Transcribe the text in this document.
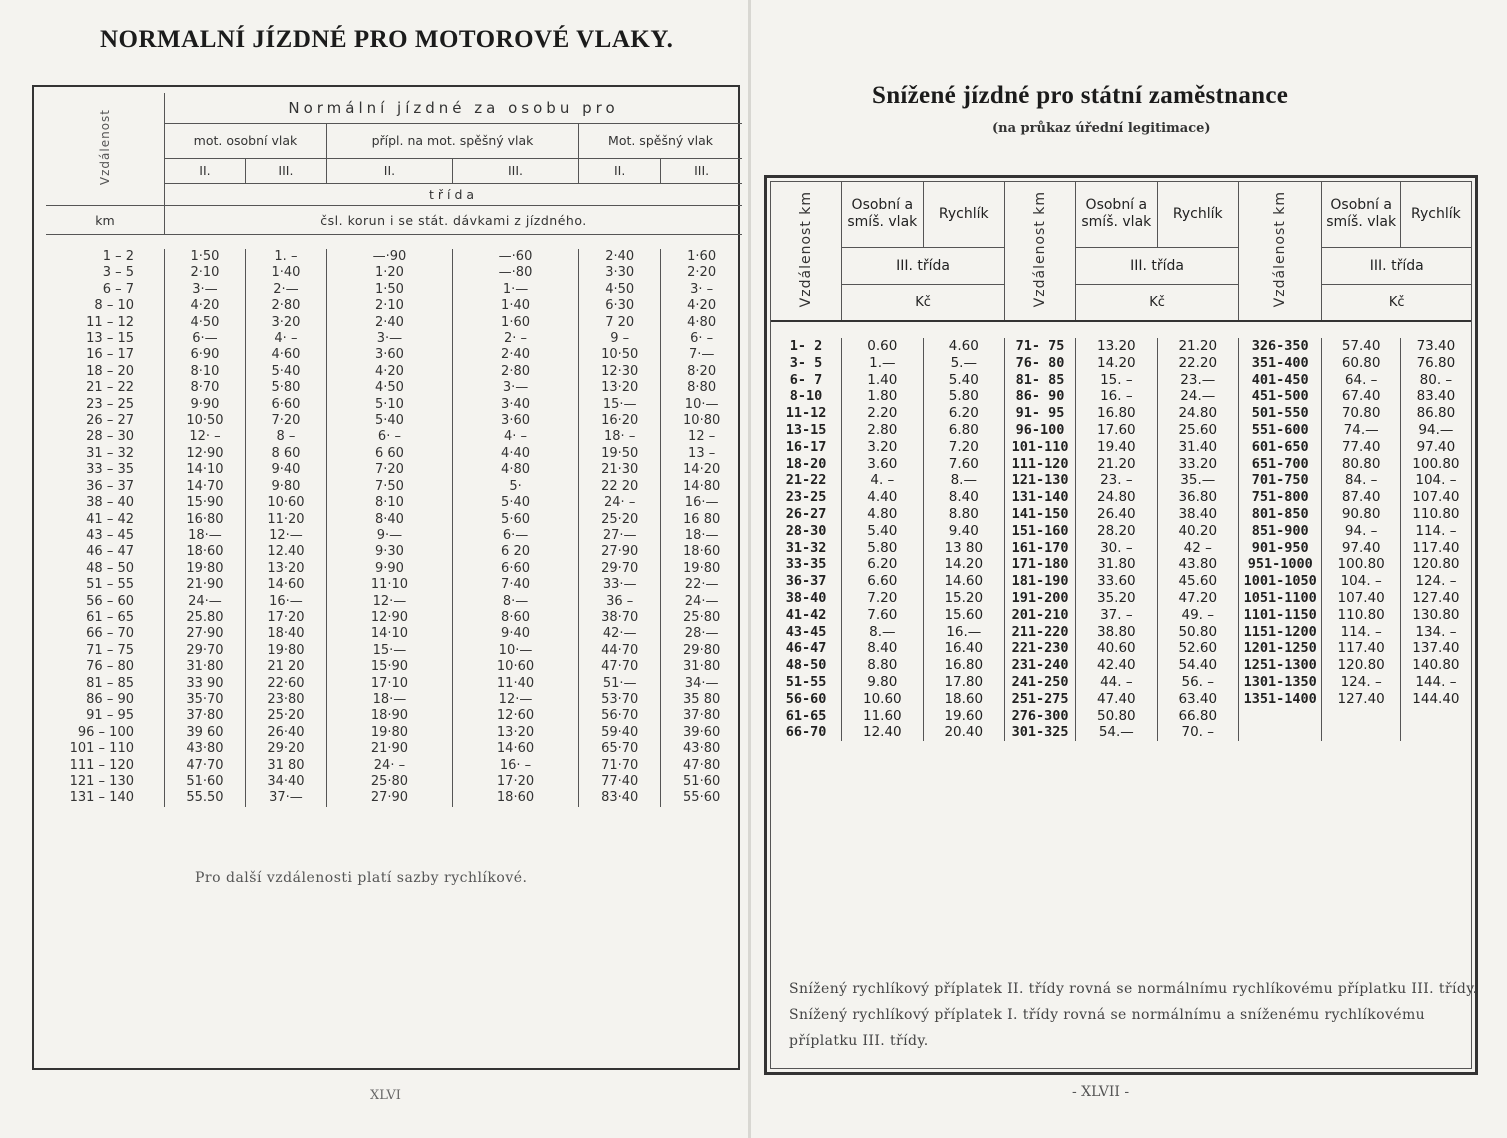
NORMALNÍ JÍZDNÉ PRO MOTOROVÉ VLAKY.
Vzdálenost	Normální jízdné za osobu pro					
	mot. osobní vlak		přípl. na mot. spěšný vlak		Mot. spěšný vlak	
	II.	III.	II.	III.	II.	III.
	třída					
km	čsl. korun i se stát. dávkami z jízdného.					

1 – 2	1·50	1. –	—·90	—·60	2·40	1·60
3 – 5	2·10	1·40	1·20	—·80	3·30	2·20
6 – 7	3·—	2·—	1·50	1·—	4·50	3· –
8 – 10	4·20	2·80	2·10	1·40	6·30	4·20
11 – 12	4·50	3·20	2·40	1·60	7 20	4·80
13 – 15	6·—	4· –	3·—	2· –	9 –	6· –
16 – 17	6·90	4·60	3·60	2·40	10·50	7·—
18 – 20	8·10	5·40	4·20	2·80	12·30	8·20
21 – 22	8·70	5·80	4·50	3·—	13·20	8·80
23 – 25	9·90	6·60	5·10	3·40	15·—	10·—
26 – 27	10·50	7·20	5·40	3·60	16·20	10·80
28 – 30	12· –	8 –	6· –	4· –	18· –	12 –
31 – 32	12·90	8 60	6 60	4·40	19·50	13 –
33 – 35	14·10	9·40	7·20	4·80	21·30	14·20
36 – 37	14·70	9·80	7·50	5·	22 20	14·80
38 – 40	15·90	10·60	8·10	5·40	24· –	16·—
41 – 42	16·80	11·20	8·40	5·60	25·20	16 80
43 – 45	18·—	12·—	9·—	6·—	27·—	18·—
46 – 47	18·60	12.40	9·30	6 20	27·90	18·60
48 – 50	19·80	13·20	9·90	6·60	29·70	19·80
51 – 55	21·90	14·60	11·10	7·40	33·—	22·—
56 – 60	24·—	16·—	12·—	8·—	36 –	24·—
61 – 65	25.80	17·20	12·90	8·60	38·70	25·80
66 – 70	27·90	18·40	14·10	9·40	42·—	28·—
71 – 75	29·70	19·80	15·—	10·—	44·70	29·80
76 – 80	31·80	21 20	15·90	10·60	47·70	31·80
81 – 85	33 90	22·60	17·10	11·40	51·—	34·—
86 – 90	35·70	23·80	18·—	12·—	53·70	35 80
91 – 95	37·80	25·20	18·90	12·60	56·70	37·80
96 – 100	39 60	26·40	19·80	13·20	59·40	39·60
101 – 110	43·80	29·20	21·90	14·60	65·70	43·80
111 – 120	47·70	31 80	24· –	16· –	71·70	47·80
121 – 130	51·60	34·40	25·80	17·20	77·40	51·60
131 – 140	55.50	37·—	27·90	18·60	83·40	55·60
Pro další vzdálenosti platí sazby rychlíkové.
XLVI
Snížené jízdné pro státní zaměstnance
(na průkaz úřední legitimace)
Vzdálenost km	Osobní a smíš. vlak	Rychlík	Vzdálenost km	Osobní a smíš. vlak	Rychlík	Vzdálenost km	Osobní a smíš. vlak	Rychlík
	III. třída			III. třída			III. třída	
	Kč			Kč			Kč	

1- 2	0.60	4.60	71- 75	13.20	21.20	326-350	57.40	73.40
3- 5	1.—	5.—	76- 80	14.20	22.20	351-400	60.80	76.80
6- 7	1.40	5.40	81- 85	15. –	23.—	401-450	64. –	80. –
8-10	1.80	5.80	86- 90	16. –	24.—	451-500	67.40	83.40
11-12	2.20	6.20	91- 95	16.80	24.80	501-550	70.80	86.80
13-15	2.80	6.80	96-100	17.60	25.60	551-600	74.—	94.—
16-17	3.20	7.20	101-110	19.40	31.40	601-650	77.40	97.40
18-20	3.60	7.60	111-120	21.20	33.20	651-700	80.80	100.80
21-22	4. –	8.—	121-130	23. –	35.—	701-750	84. –	104. –
23-25	4.40	8.40	131-140	24.80	36.80	751-800	87.40	107.40
26-27	4.80	8.80	141-150	26.40	38.40	801-850	90.80	110.80
28-30	5.40	9.40	151-160	28.20	40.20	851-900	94. –	114. –
31-32	5.80	13 80	161-170	30. –	42 –	901-950	97.40	117.40
33-35	6.20	14.20	171-180	31.80	43.80	951-1000	100.80	120.80
36-37	6.60	14.60	181-190	33.60	45.60	1001-1050	104. –	124. –
38-40	7.20	15.20	191-200	35.20	47.20	1051-1100	107.40	127.40
41-42	7.60	15.60	201-210	37. –	49. –	1101-1150	110.80	130.80
43-45	8.—	16.—	211-220	38.80	50.80	1151-1200	114. –	134. –
46-47	8.40	16.40	221-230	40.60	52.60	1201-1250	117.40	137.40
48-50	8.80	16.80	231-240	42.40	54.40	1251-1300	120.80	140.80
51-55	9.80	17.80	241-250	44. –	56. –	1301-1350	124. –	144. –
56-60	10.60	18.60	251-275	47.40	63.40	1351-1400	127.40	144.40
61-65	11.60	19.60	276-300	50.80	66.80			
66-70	12.40	20.40	301-325	54.—	70. –			
Snížený rychlíkový příplatek II. třídy rovná se normálnímu rychlíkovému příplatku III. třídy. Snížený rychlíkový příplatek I. třídy rovná se normálnímu a sníženému rychlíkovému příplatku III. třídy.
- XLVII -
